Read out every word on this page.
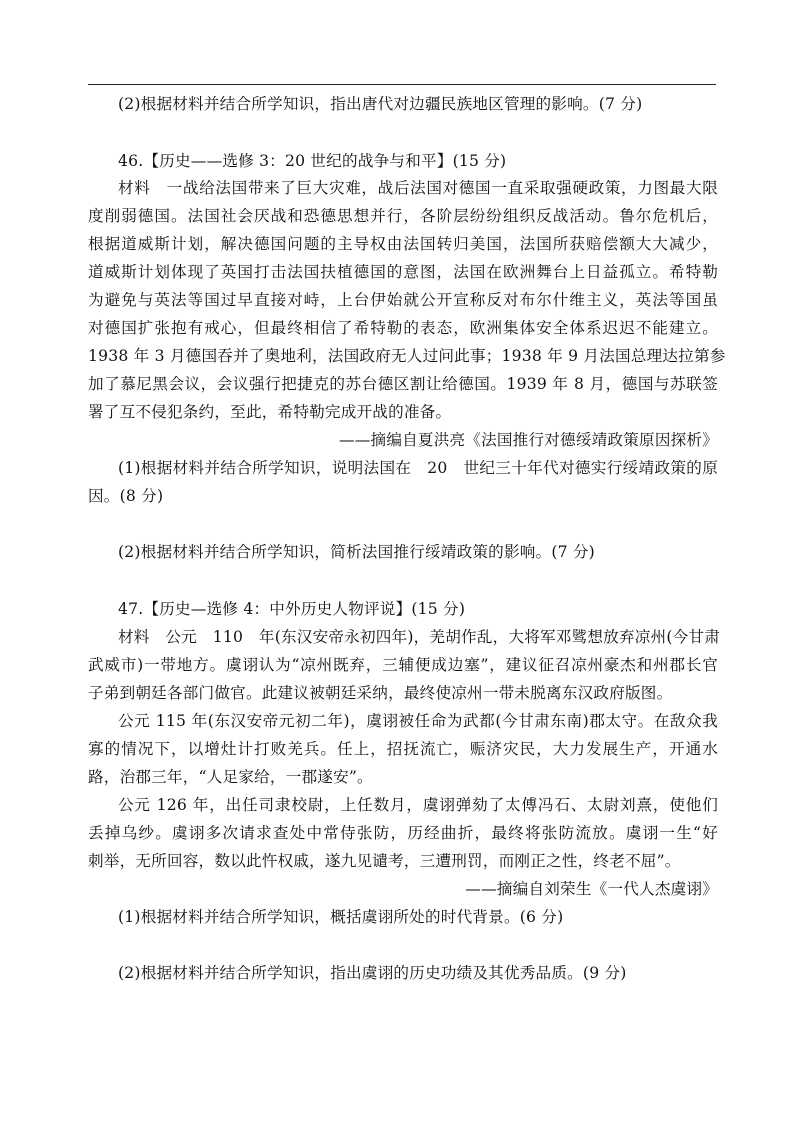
(2)根据材料并结合所学知识，指出唐代对边疆民族地区管理的影响。(7 分)
46.【历史——选修 3：20 世纪的战争与和平】(15 分)
材料　一战给法国带来了巨大灾难，战后法国对德国一直采取强硬政策，力图最大限
度削弱德国。法国社会厌战和恐德思想并行，各阶层纷纷组织反战活动。鲁尔危机后，
根据道威斯计划，解决德国问题的主导权由法国转归美国，法国所获赔偿额大大减少，
道威斯计划体现了英国打击法国扶植德国的意图，法国在欧洲舞台上日益孤立。希特勒
为避免与英法等国过早直接对峙，上台伊始就公开宣称反对布尔什维主义，英法等国虽
对德国扩张抱有戒心，但最终相信了希特勒的表态，欧洲集体安全体系迟迟不能建立。
1938 年 3 月德国吞并了奥地利，法国政府无人过问此事；1938 年 9 月法国总理达拉第参
加了慕尼黑会议，会议强行把捷克的苏台德区割让给德国。1939 年 8 月，德国与苏联签
署了互不侵犯条约，至此，希特勒完成开战的准备。
——摘编自夏洪亮《法国推行对德绥靖政策原因探析》
(1)根据材料并结合所学知识，说明法国在　20　世纪三十年代对德实行绥靖政策的原
因。(8 分)
(2)根据材料并结合所学知识，简析法国推行绥靖政策的影响。(7 分)
47.【历史—选修 4：中外历史人物评说】(15 分)
材料　公元　110　年(东汉安帝永初四年)，羌胡作乱，大将军邓骘想放弃凉州(今甘肃
武威市)一带地方。虞诩认为“凉州既弃，三辅便成边塞”，建议征召凉州豪杰和州郡长官
子弟到朝廷各部门做官。此建议被朝廷采纳，最终使凉州一带未脱离东汉政府版图。
公元 115 年(东汉安帝元初二年)，虞诩被任命为武都(今甘肃东南)郡太守。在敌众我
寡的情况下，以增灶计打败羌兵。任上，招抚流亡，赈济灾民，大力发展生产，开通水
路，治郡三年，“人足家给，一郡遂安”。
公元 126 年，出任司隶校尉，上任数月，虞诩弹劾了太傅冯石、太尉刘熹，使他们
丢掉乌纱。虞诩多次请求查处中常侍张防，历经曲折，最终将张防流放。虞诩一生“好
刺举，无所回容，数以此忤权戚，遂九见谴考，三遭刑罚，而刚正之性，终老不屈”。
——摘编自刘荣生《一代人杰虞诩》
(1)根据材料并结合所学知识，概括虞诩所处的时代背景。(6 分)
(2)根据材料并结合所学知识，指出虞诩的历史功绩及其优秀品质。(9 分)
